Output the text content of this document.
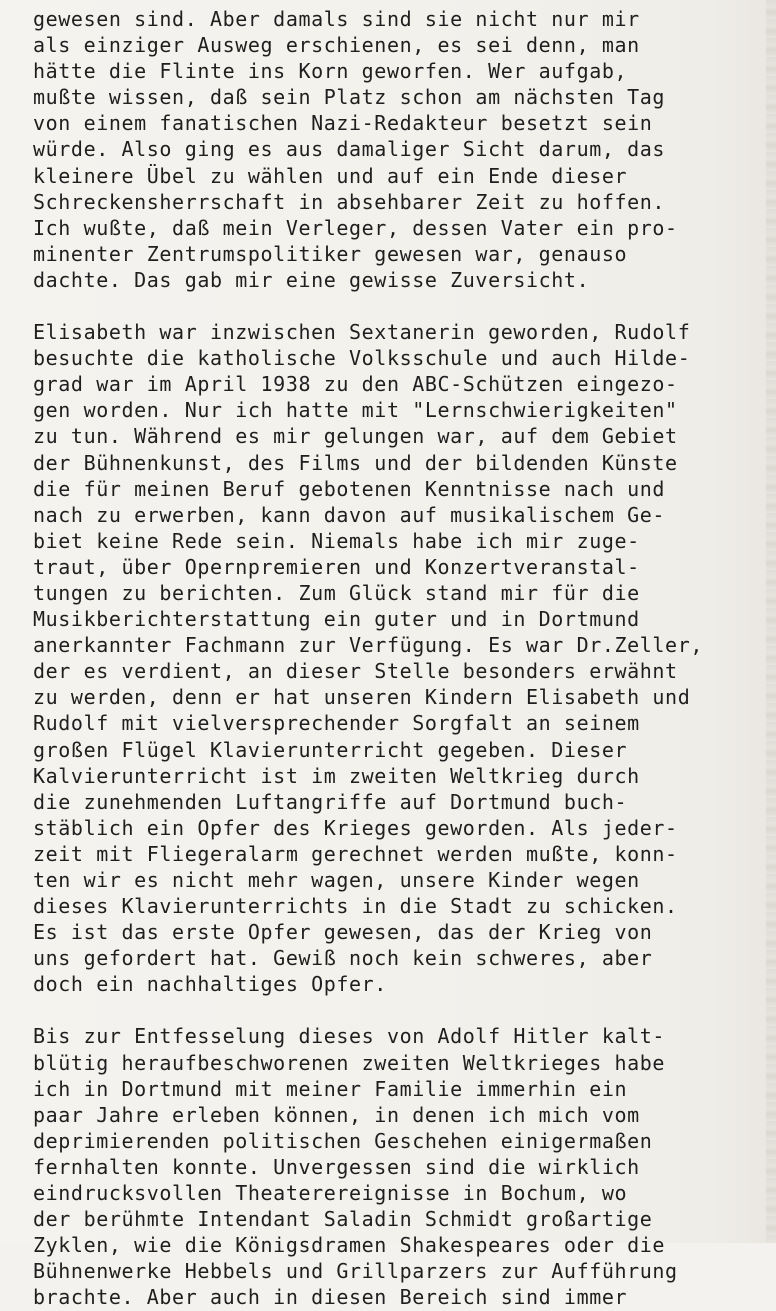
gewesen sind. Aber damals sind sie nicht nur mir
als einziger Ausweg erschienen, es sei denn, man
hätte die Flinte ins Korn geworfen. Wer aufgab,
mußte wissen, daß sein Platz schon am nächsten Tag
von einem fanatischen Nazi-Redakteur besetzt sein
würde. Also ging es aus damaliger Sicht darum, das
kleinere Übel zu wählen und auf ein Ende dieser
Schreckensherrschaft in absehbarer Zeit zu hoffen.
Ich wußte, daß mein Verleger, dessen Vater ein pro-
minenter Zentrumspolitiker gewesen war, genauso
dachte. Das gab mir eine gewisse Zuversicht.
Elisabeth war inzwischen Sextanerin geworden, Rudolf
besuchte die katholische Volksschule und auch Hilde-
grad war im April 1938 zu den ABC-Schützen eingezo-
gen worden. Nur ich hatte mit "Lernschwierigkeiten"
zu tun. Während es mir gelungen war, auf dem Gebiet
der Bühnenkunst, des Films und der bildenden Künste
die für meinen Beruf gebotenen Kenntnisse nach und
nach zu erwerben, kann davon auf musikalischem Ge-
biet keine Rede sein. Niemals habe ich mir zuge-
traut, über Opernpremieren und Konzertveranstal-
tungen zu berichten. Zum Glück stand mir für die
Musikberichterstattung ein guter und in Dortmund
anerkannter Fachmann zur Verfügung. Es war Dr.Zeller,
der es verdient, an dieser Stelle besonders erwähnt
zu werden, denn er hat unseren Kindern Elisabeth und
Rudolf mit vielversprechender Sorgfalt an seinem
großen Flügel Klavierunterricht gegeben. Dieser
Kalvierunterricht ist im zweiten Weltkrieg durch
die zunehmenden Luftangriffe auf Dortmund buch-
stäblich ein Opfer des Krieges geworden. Als jeder-
zeit mit Fliegeralarm gerechnet werden mußte, konn-
ten wir es nicht mehr wagen, unsere Kinder wegen
dieses Klavierunterrichts in die Stadt zu schicken.
Es ist das erste Opfer gewesen, das der Krieg von
uns gefordert hat. Gewiß noch kein schweres, aber
doch ein nachhaltiges Opfer.
Bis zur Entfesselung dieses von Adolf Hitler kalt-
blütig heraufbeschworenen zweiten Weltkrieges habe
ich in Dortmund mit meiner Familie immerhin ein
paar Jahre erleben können, in denen ich mich vom
deprimierenden politischen Geschehen einigermaßen
fernhalten konnte. Unvergessen sind die wirklich
eindrucksvollen Theaterereignisse in Bochum, wo
der berühmte Intendant Saladin Schmidt großartige
Zyklen, wie die Königsdramen Shakespeares oder die
Bühnenwerke Hebbels und Grillparzers zur Aufführung
brachte. Aber auch in diesen Bereich sind immer
